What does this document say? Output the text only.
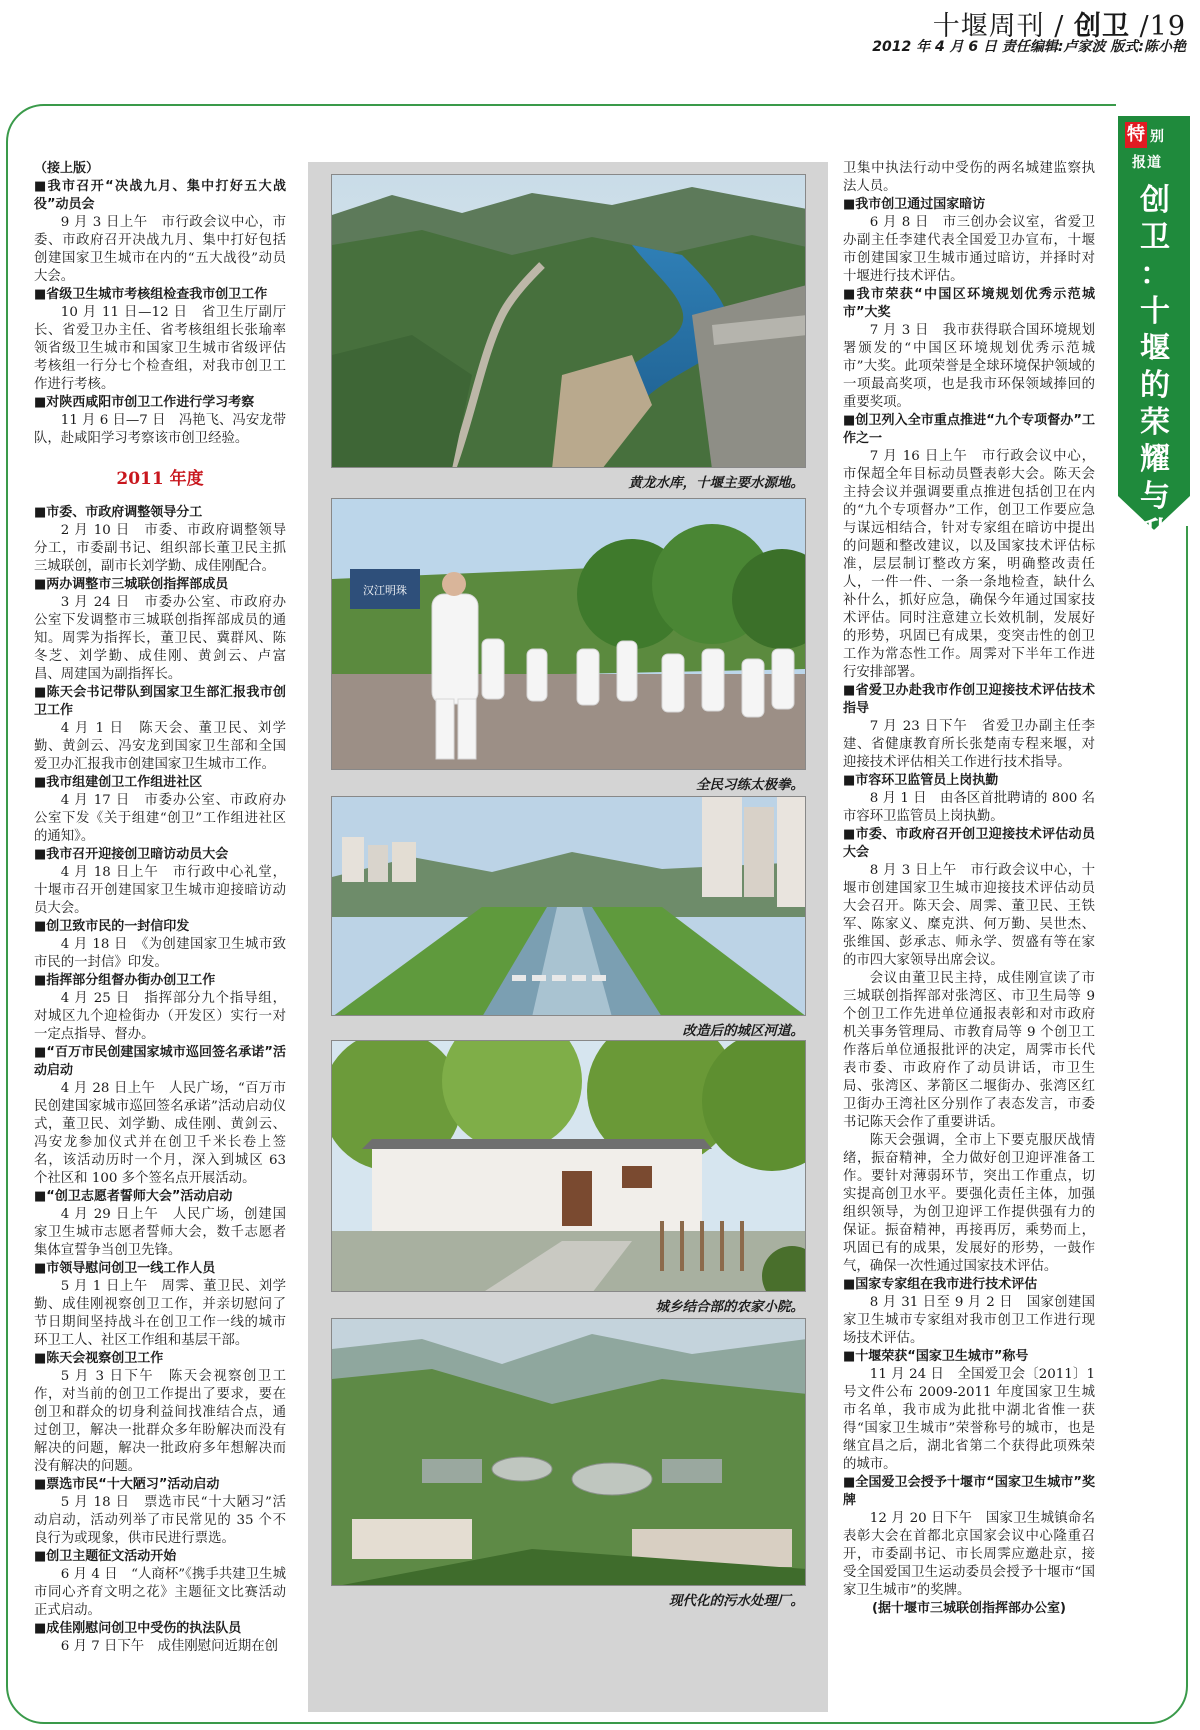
十堰周刊 / 创卫 /19
2012 年 4 月 6 日 责任编辑:卢家波 版式:陈小艳
特 别
报道
创
卫
：
十
堰
的
荣
耀
与
升
华

（接上版）

■我市召开“决战九月、集中打好五大战役”动员会

9 月 3 日上午　市行政会议中心，市委、市政府召开决战九月、集中打好包括创建国家卫生城市在内的“五大战役”动员大会。

■省级卫生城市考核组检查我市创卫工作

10 月 11 日—12 日　省卫生厅副厅长、省爱卫办主任、省考核组组长张瑜率领省级卫生城市和国家卫生城市省级评估考核组一行分七个检查组，对我市创卫工作进行考核。

■对陕西咸阳市创卫工作进行学习考察

11 月 6 日—7 日　冯艳飞、冯安龙带队，赴咸阳学习考察该市创卫经验。

2011 年度

■市委、市政府调整领导分工

2 月 10 日　市委、市政府调整领导分工，市委副书记、组织部长董卫民主抓三城联创，副市长刘学勤、成佳刚配合。

■两办调整市三城联创指挥部成员

3 月 24 日　市委办公室、市政府办公室下发调整市三城联创指挥部成员的通知。周霁为指挥长，董卫民、冀群风、陈冬芝、刘学勤、成佳刚、黄剑云、卢富昌、周建国为副指挥长。

■陈天会书记带队到国家卫生部汇报我市创卫工作

4 月 1 日　陈天会、董卫民、刘学勤、黄剑云、冯安龙到国家卫生部和全国爱卫办汇报我市创建国家卫生城市工作。

■我市组建创卫工作组进社区

4 月 17 日　市委办公室、市政府办公室下发《关于组建“创卫”工作组进社区的通知》。

■我市召开迎接创卫暗访动员大会

4 月 18 日上午　市行政中心礼堂，十堰市召开创建国家卫生城市迎接暗访动员大会。

■创卫致市民的一封信印发

4 月 18 日　《为创建国家卫生城市致市民的一封信》印发。

■指挥部分组督办街办创卫工作

4 月 25 日　指挥部分九个指导组，对城区九个迎检街办（开发区）实行一对一定点指导、督办。

■“百万市民创建国家城市巡回签名承诺”活动启动

4 月 28 日上午　人民广场，“百万市民创建国家城市巡回签名承诺”活动启动仪式，董卫民、刘学勤、成佳刚、黄剑云、冯安龙参加仪式并在创卫千米长卷上签名，该活动历时一个月，深入到城区 63 个社区和 100 多个签名点开展活动。

■“创卫志愿者誓师大会”活动启动

4 月 29 日上午　人民广场，创建国家卫生城市志愿者誓师大会，数千志愿者集体宣誓争当创卫先锋。

■市领导慰问创卫一线工作人员

5 月 1 日上午　周霁、董卫民、刘学勤、成佳刚视察创卫工作，并亲切慰问了节日期间坚持战斗在创卫工作一线的城市环卫工人、社区工作组和基层干部。

■陈天会视察创卫工作

5 月 3 日下午　陈天会视察创卫工作，对当前的创卫工作提出了要求，要在创卫和群众的切身利益间找准结合点，通过创卫，解决一批群众多年盼解决而没有解决的问题，解决一批政府多年想解决而没有解决的问题。

■票选市民“十大陋习”活动启动

5 月 18 日　票选市民“十大陋习”活动启动，活动列举了市民常见的 35 个不良行为或现象，供市民进行票选。

■创卫主题征文活动开始

6 月 4 日　“人商杯”《携手共建卫生城市同心齐育文明之花》主题征文比赛活动正式启动。

■成佳刚慰问创卫中受伤的执法队员

6 月 7 日下午　成佳刚慰问近期在创

黄龙水库，十堰主要水源地。
汉江明珠
全民习练太极拳。
改造后的城区河道。
城乡结合部的农家小院。
现代化的污水处理厂。

卫集中执法行动中受伤的两名城建监察执法人员。

■我市创卫通过国家暗访

6 月 8 日　市三创办会议室，省爱卫办副主任李建代表全国爱卫办宣布，十堰市创建国家卫生城市通过暗访，并择时对十堰进行技术评估。

■我市荣获“中国区环境规划优秀示范城市”大奖

7 月 3 日　我市获得联合国环境规划署颁发的“中国区环境规划优秀示范城市”大奖。此项荣誉是全球环境保护领域的一项最高奖项，也是我市环保领域捧回的重要奖项。

■创卫列入全市重点推进“九个专项督办”工作之一

7 月 16 日上午　市行政会议中心，市保超全年目标动员暨表彰大会。陈天会主持会议并强调要重点推进包括创卫在内的“九个专项督办”工作，创卫工作要应急与谋远相结合，针对专家组在暗访中提出的问题和整改建议，以及国家技术评估标准，层层制订整改方案，明确整改责任人，一件一件、一条一条地检查，缺什么补什么，抓好应急，确保今年通过国家技术评估。同时注意建立长效机制，发展好的形势，巩固已有成果，变突击性的创卫工作为常态性工作。周霁对下半年工作进行安排部署。

■省爱卫办赴我市作创卫迎接技术评估技术指导

7 月 23 日下午　省爱卫办副主任李建、省健康教育所长张楚南专程来堰，对迎接技术评估相关工作进行技术指导。

■市容环卫监管员上岗执勤

8 月 1 日　由各区首批聘请的 800 名市容环卫监管员上岗执勤。

■市委、市政府召开创卫迎接技术评估动员大会

8 月 3 日上午　市行政会议中心，十堰市创建国家卫生城市迎接技术评估动员大会召开。陈天会、周霁、董卫民、王铁军、陈家义、糜克洪、何万勤、吴世杰、张维国、彭承志、师永学、贺盛有等在家的市四大家领导出席会议。

会议由董卫民主持，成佳刚宣读了市三城联创指挥部对张湾区、市卫生局等 9 个创卫工作先进单位通报表彰和对市政府机关事务管理局、市教育局等 9 个创卫工作落后单位通报批评的决定，周霁市长代表市委、市政府作了动员讲话，市卫生局、张湾区、茅箭区二堰街办、张湾区红卫街办王湾社区分别作了表态发言，市委书记陈天会作了重要讲话。

陈天会强调，全市上下要克服厌战情绪，振奋精神，全力做好创卫迎评准备工作。要针对薄弱环节，突出工作重点，切实提高创卫水平。要强化责任主体，加强组织领导，为创卫迎评工作提供强有力的保证。振奋精神，再接再厉，乘势而上，巩固已有的成果，发展好的形势，一鼓作气，确保一次性通过国家技术评估。

■国家专家组在我市进行技术评估

8 月 31 日至 9 月 2 日　国家创建国家卫生城市专家组对我市创卫工作进行现场技术评估。

■十堰荣获“国家卫生城市”称号

11 月 24 日　全国爱卫会〔2011〕1 号文件公布 2009-2011 年度国家卫生城市名单，我市成为此批中湖北省惟一获得“国家卫生城市”荣誉称号的城市，也是继宜昌之后，湖北省第二个获得此项殊荣的城市。

■全国爱卫会授予十堰市“国家卫生城市”奖牌

12 月 20 日下午　国家卫生城镇命名表彰大会在首都北京国家会议中心隆重召开，市委副书记、市长周霁应邀赴京，接受全国爱国卫生运动委员会授予十堰市“国家卫生城市”的奖牌。

(据十堰市三城联创指挥部办公室)
